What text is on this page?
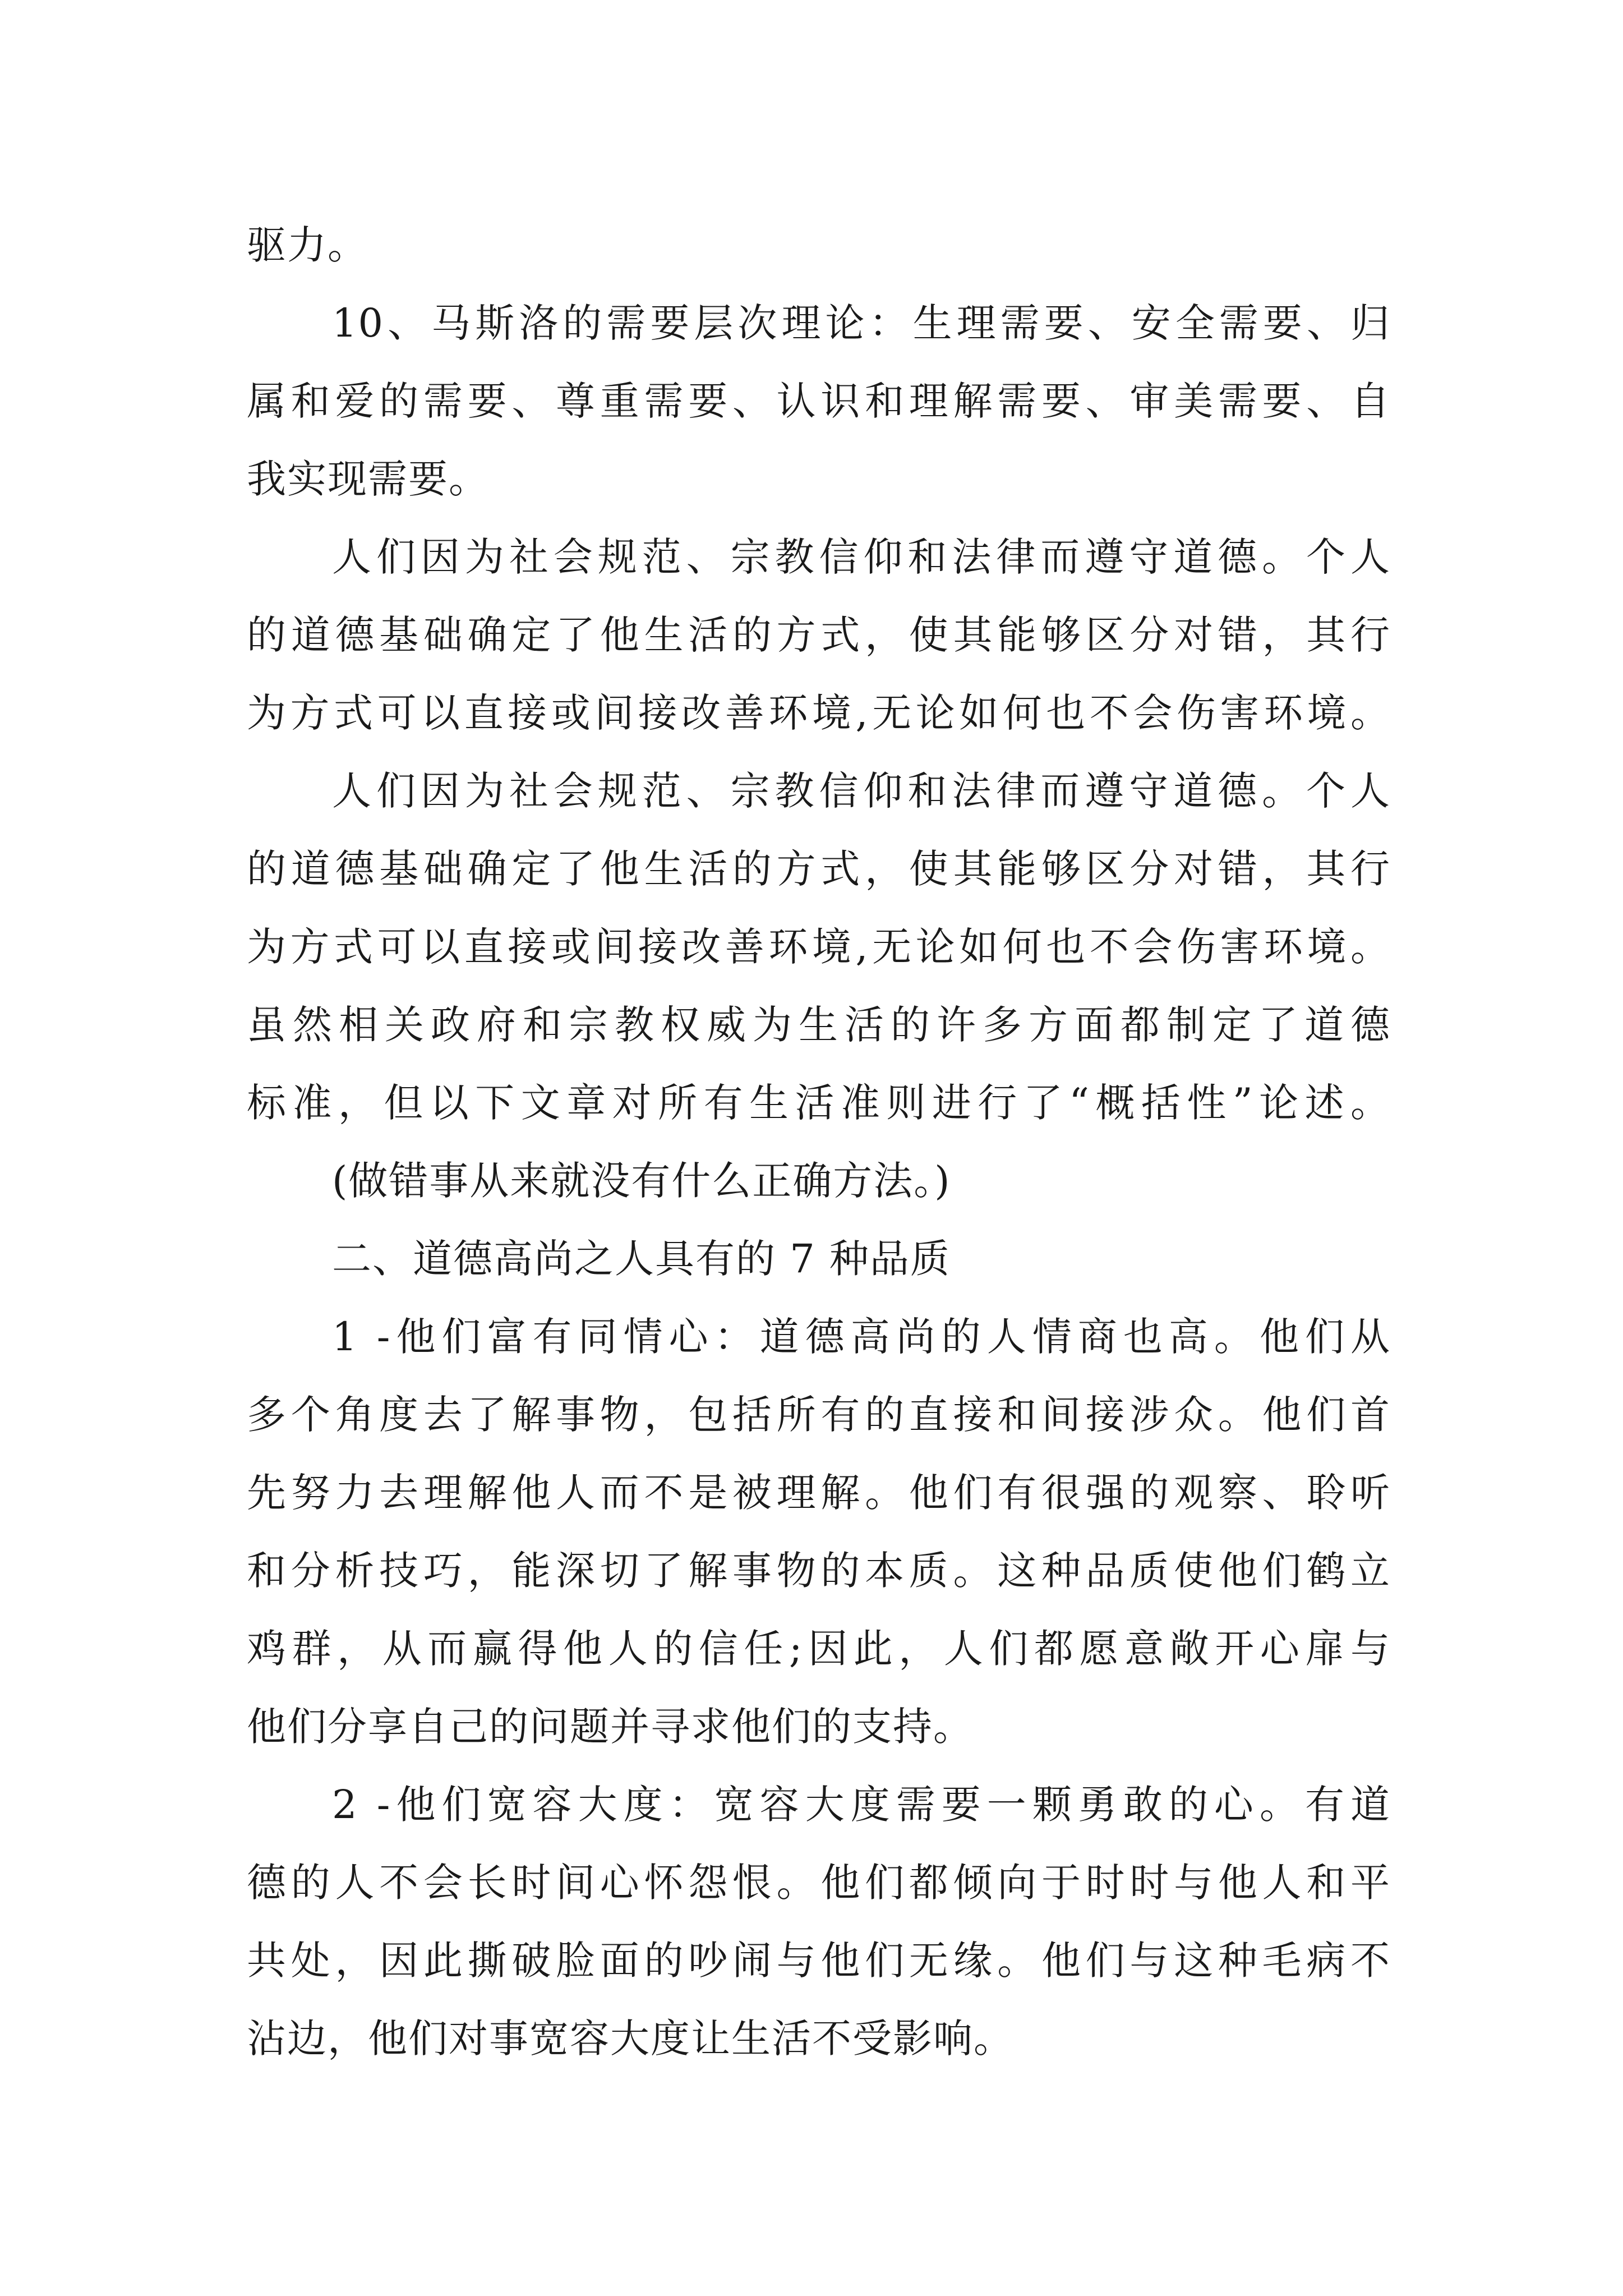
驱力。
10、马斯洛的需要层次理论：生理需要、安全需要、归
属和爱的需要、尊重需要、认识和理解需要、审美需要、自
我实现需要。
人们因为社会规范、宗教信仰和法律而遵守道德。个人
的道德基础确定了他生活的方式，使其能够区分对错，其行
为方式可以直接或间接改善环境,无论如何也不会伤害环境。
人们因为社会规范、宗教信仰和法律而遵守道德。个人
的道德基础确定了他生活的方式，使其能够区分对错，其行
为方式可以直接或间接改善环境,无论如何也不会伤害环境。
虽然相关政府和宗教权威为生活的许多方面都制定了道德
标准，但以下文章对所有生活准则进行了“概括性”论述。
(做错事从来就没有什么正确方法。)
二、道德高尚之人具有的 7 种品质
1 -他们富有同情心：道德高尚的人情商也高。他们从
多个角度去了解事物，包括所有的直接和间接涉众。他们首
先努力去理解他人而不是被理解。他们有很强的观察、聆听
和分析技巧，能深切了解事物的本质。这种品质使他们鹤立
鸡群，从而赢得他人的信任;因此，人们都愿意敞开心扉与
他们分享自己的问题并寻求他们的支持。
2 -他们宽容大度：宽容大度需要一颗勇敢的心。有道
德的人不会长时间心怀怨恨。他们都倾向于时时与他人和平
共处，因此撕破脸面的吵闹与他们无缘。他们与这种毛病不
沾边，他们对事宽容大度让生活不受影响。
